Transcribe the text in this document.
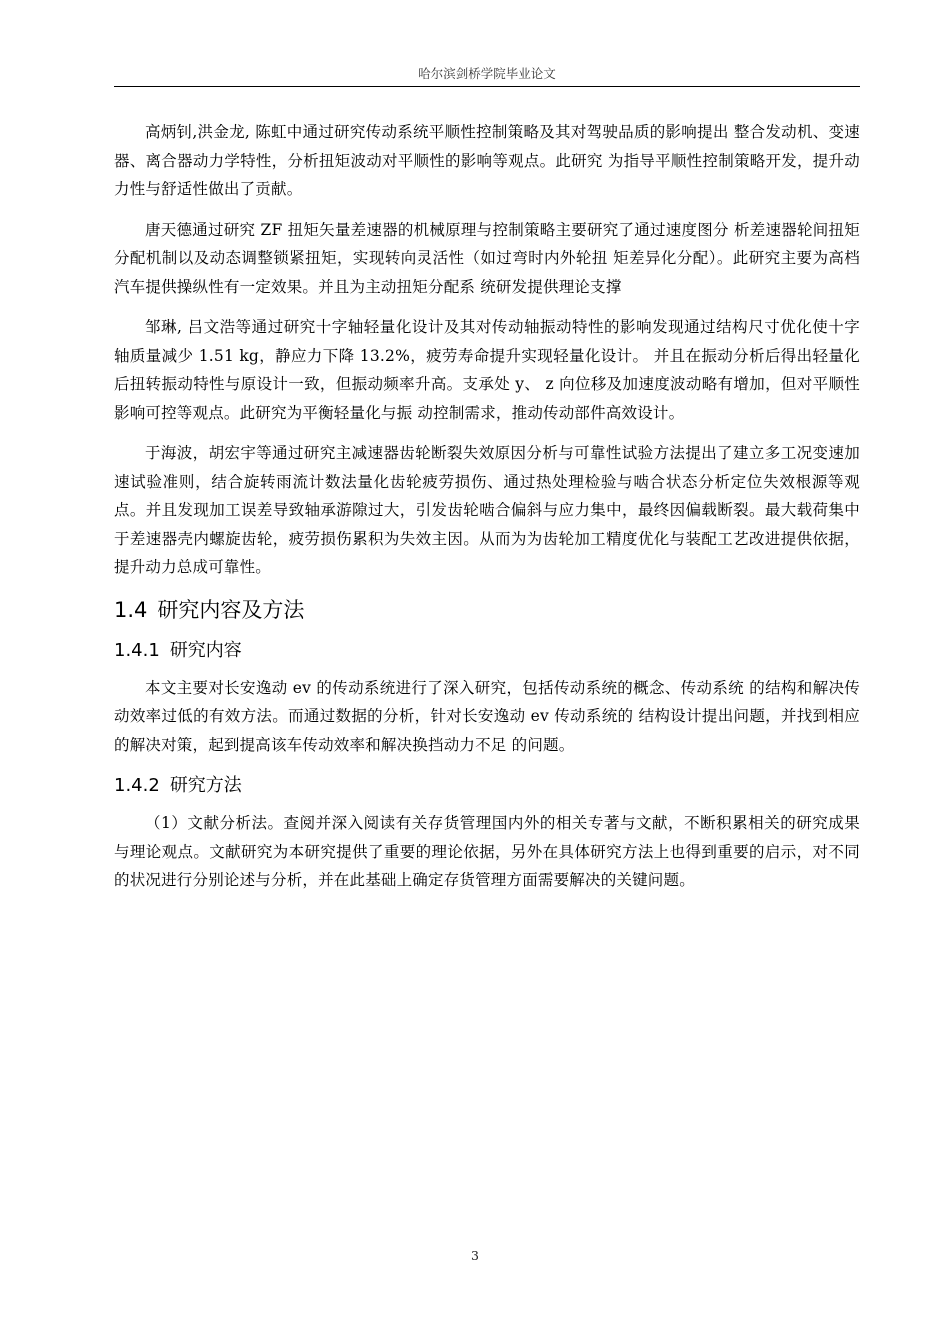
哈尔滨剑桥学院毕业论文

高炳钊,洪金龙, 陈虹中通过研究传动系统平顺性控制策略及其对驾驶品质的影响提出 整合发动机、变速器、离合器动力学特性，分析扭矩波动对平顺性的影响等观点。此研究 为指导平顺性控制策略开发，提升动力性与舒适性做出了贡献。

唐天德通过研究 ZF 扭矩矢量差速器的机械原理与控制策略主要研究了通过速度图分 析差速器轮间扭矩分配机制以及动态调整锁紧扭矩，实现转向灵活性（如过弯时内外轮扭 矩差异化分配）。此研究主要为高档汽车提供操纵性有一定效果。并且为主动扭矩分配系 统研发提供理论支撑

邹琳, 吕文浩等通过研究十字轴轻量化设计及其对传动轴振动特性的影响发现通过结构尺寸优化使十字轴质量减少 1.51 kg，静应力下降 13.2%，疲劳寿命提升实现轻量化设计。 并且在振动分析后得出轻量化后扭转振动特性与原设计一致，但振动频率升高。支承处 y、 z 向位移及加速度波动略有增加，但对平顺性影响可控等观点。此研究为平衡轻量化与振 动控制需求，推动传动部件高效设计。

于海波，胡宏宇等通过研究主减速器齿轮断裂失效原因分析与可靠性试验方法提出了建立多工况变速加速试验准则，结合旋转雨流计数法量化齿轮疲劳损伤、通过热处理检验与啮合状态分析定位失效根源等观点。并且发现加工误差导致轴承游隙过大，引发齿轮啮合偏斜与应力集中，最终因偏载断裂。最大载荷集中于差速器壳内螺旋齿轮，疲劳损伤累积为失效主因。从而为为齿轮加工精度优化与装配工艺改进提供依据，提升动力总成可靠性。

1.4 研究内容及方法
1.4.1 研究内容

本文主要对长安逸动 ev 的传动系统进行了深入研究，包括传动系统的概念、传动系统 的结构和解决传动效率过低的有效方法。而通过数据的分析，针对长安逸动 ev 传动系统的 结构设计提出问题，并找到相应的解决对策，起到提高该车传动效率和解决换挡动力不足 的问题。

1.4.2 研究方法

（1）文献分析法。查阅并深入阅读有关存货管理国内外的相关专著与文献，不断积累相关的研究成果与理论观点。文献研究为本研究提供了重要的理论依据，另外在具体研究方法上也得到重要的启示，对不同的状况进行分别论述与分析，并在此基础上确定存货管理方面需要解决的关键问题。

3
